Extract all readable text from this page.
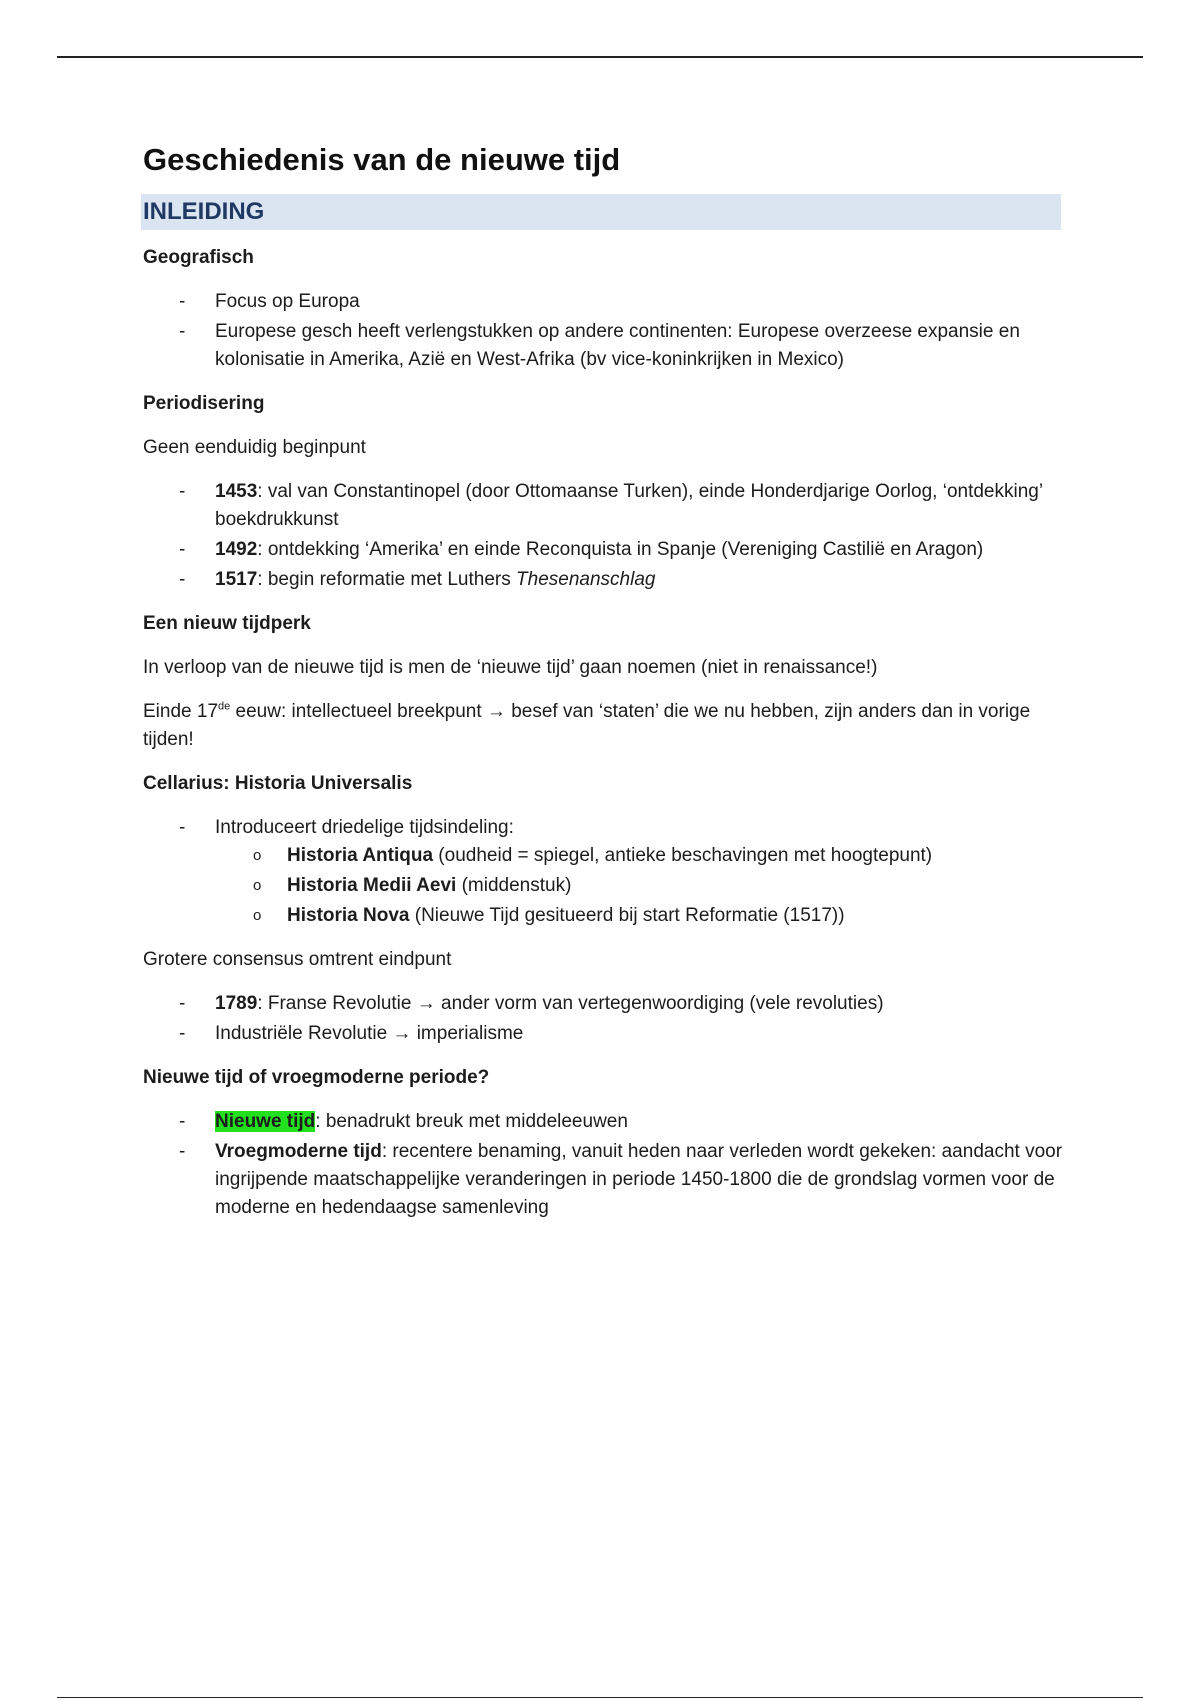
Geschiedenis van de nieuwe tijd
INLEIDING
Geografisch
- Focus op Europa
- Europese gesch heeft verlengstukken op andere continenten: Europese overzeese expansie en kolonisatie in Amerika, Azië en West-Afrika (bv vice-koninkrijken in Mexico)
Periodisering

Geen eenduidig beginpunt

- 1453: val van Constantinopel (door Ottomaanse Turken), einde Honderdjarige Oorlog, ‘ontdekking’ boekdrukkunst
- 1492: ontdekking ‘Amerika’ en einde Reconquista in Spanje (Vereniging Castilië en Aragon)
- 1517: begin reformatie met Luthers Thesenanschlag
Een nieuw tijdperk

In verloop van de nieuwe tijd is men de ‘nieuwe tijd’ gaan noemen (niet in renaissance!)

Einde 17de eeuw: intellectueel breekpunt → besef van ‘staten’ die we nu hebben, zijn anders dan in vorige tijden!

Cellarius: Historia Universalis
- Introduceert driedelige tijdsindeling:
o Historia Antiqua (oudheid = spiegel, antieke beschavingen met hoogtepunt)
o Historia Medii Aevi (middenstuk)
o Historia Nova (Nieuwe Tijd gesitueerd bij start Reformatie (1517))

Grotere consensus omtrent eindpunt

- 1789: Franse Revolutie → ander vorm van vertegenwoordiging (vele revoluties)
- Industriële Revolutie → imperialisme
Nieuwe tijd of vroegmoderne periode?
- Nieuwe tijd: benadrukt breuk met middeleeuwen
- Vroegmoderne tijd: recentere benaming, vanuit heden naar verleden wordt gekeken: aandacht voor ingrijpende maatschappelijke veranderingen in periode 1450-1800 die de grondslag vormen voor de moderne en hedendaagse samenleving
